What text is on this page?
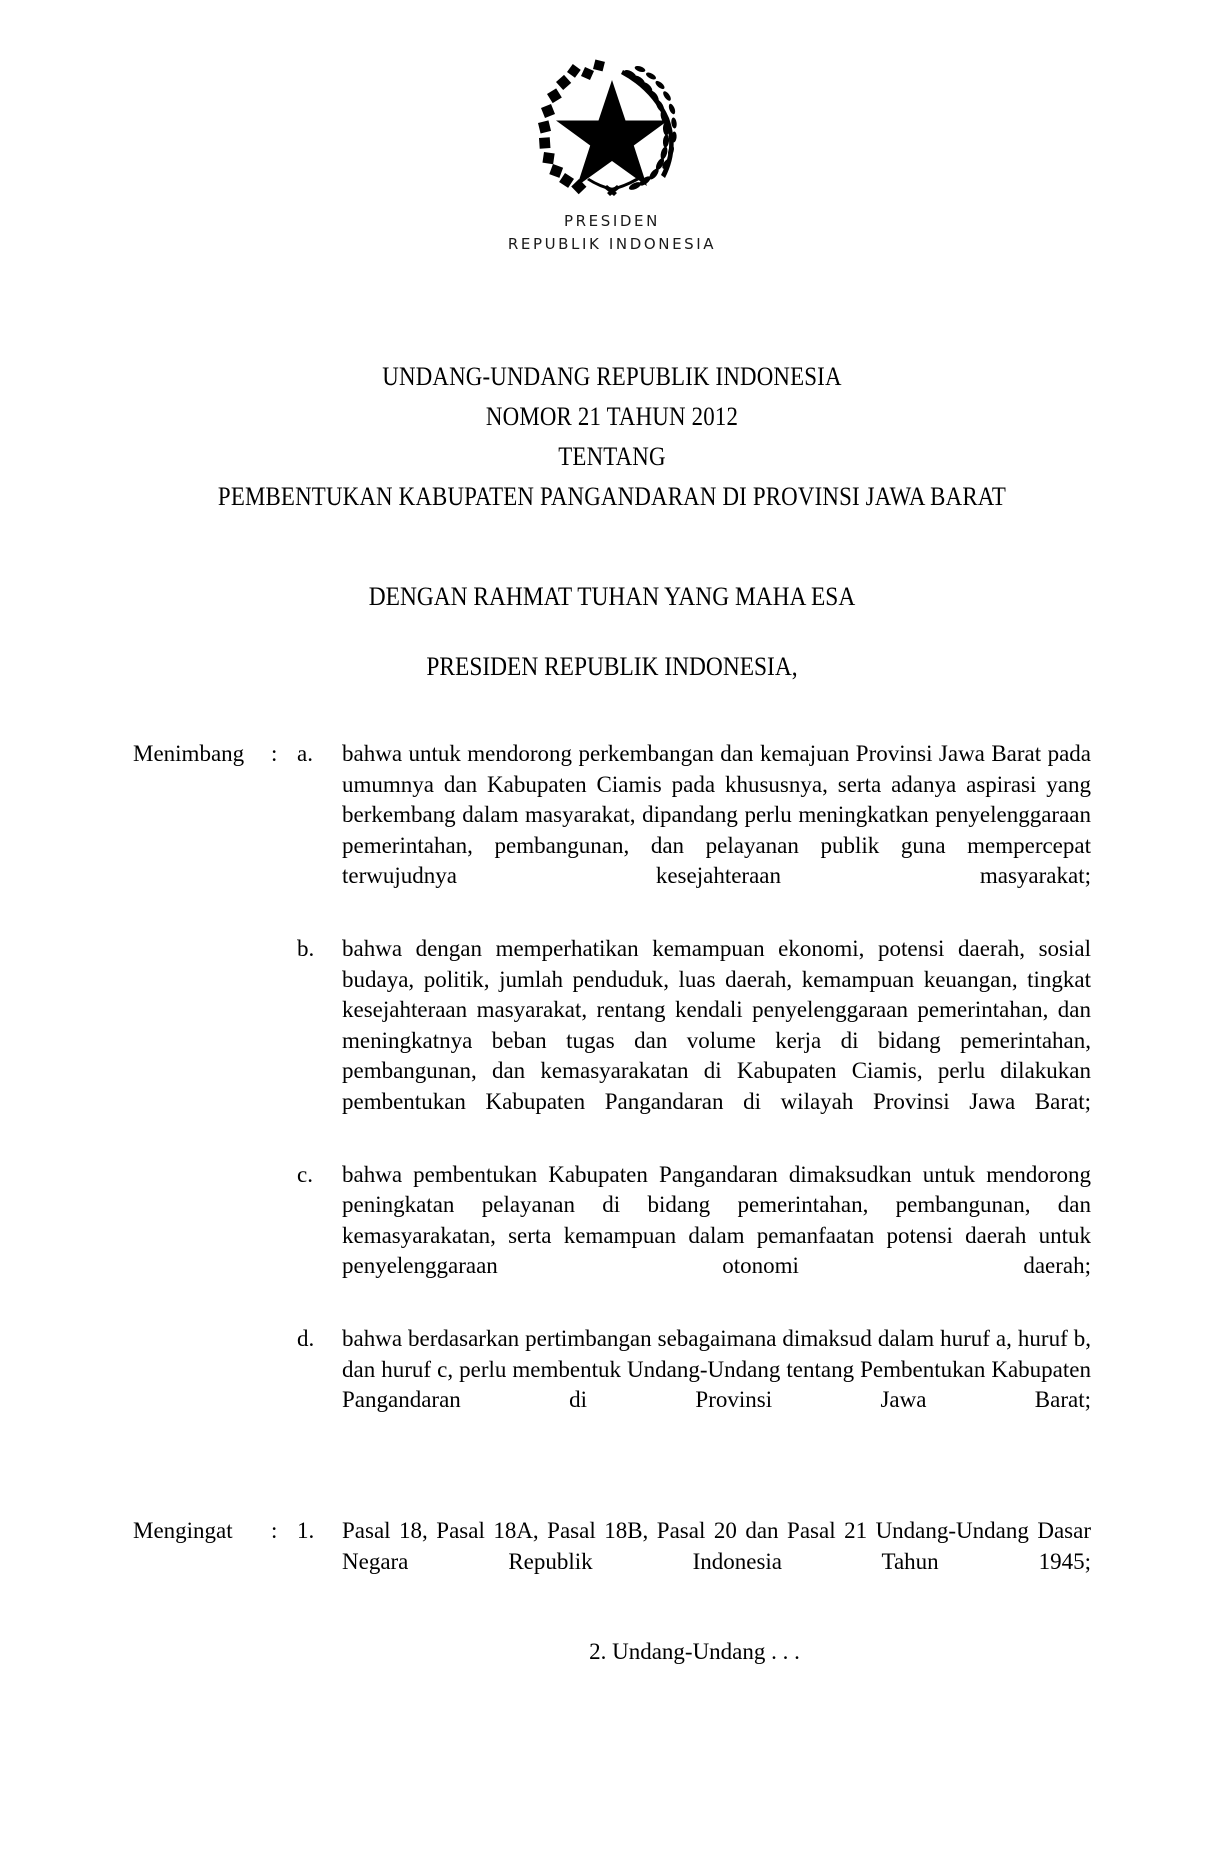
PRESIDEN
REPUBLIK INDONESIA
UNDANG-UNDANG REPUBLIK INDONESIA
NOMOR 21 TAHUN 2012
TENTANG
PEMBENTUKAN KABUPATEN PANGANDARAN DI PROVINSI JAWA BARAT
DENGAN RAHMAT TUHAN YANG MAHA ESA
PRESIDEN REPUBLIK INDONESIA,
Menimbang	: a.	bahwa untuk mendorong perkembangan dan kemajuan Provinsi Jawa Barat pada umumnya dan Kabupaten Ciamis pada khususnya, serta adanya aspirasi yang berkembang dalam masyarakat, dipandang perlu meningkatkan penyelenggaraan pemerintahan, pembangunan, dan pelayanan publik guna mempercepat terwujudnya kesejahteraan masyarakat;
b.	bahwa dengan memperhatikan kemampuan ekonomi, potensi daerah, sosial budaya, politik, jumlah penduduk, luas daerah, kemampuan keuangan, tingkat kesejahteraan masyarakat, rentang kendali penyelenggaraan pemerintahan, dan meningkatnya beban tugas dan volume kerja di bidang pemerintahan, pembangunan, dan kemasyarakatan di Kabupaten Ciamis, perlu dilakukan pembentukan Kabupaten Pangandaran di wilayah Provinsi Jawa Barat;
c.	bahwa pembentukan Kabupaten Pangandaran dimaksudkan untuk mendorong peningkatan pelayanan di bidang pemerintahan, pembangunan, dan kemasyarakatan, serta kemampuan dalam pemanfaatan potensi daerah untuk penyelenggaraan otonomi daerah;
d.	bahwa berdasarkan pertimbangan sebagaimana dimaksud dalam huruf a, huruf b, dan huruf c, perlu membentuk Undang-Undang tentang Pembentukan Kabupaten Pangandaran di Provinsi Jawa Barat;
Mengingat	: 1.	Pasal 18, Pasal 18A, Pasal 18B, Pasal 20 dan Pasal 21 Undang-Undang Dasar Negara Republik Indonesia Tahun 1945;
2. Undang-Undang . . .
